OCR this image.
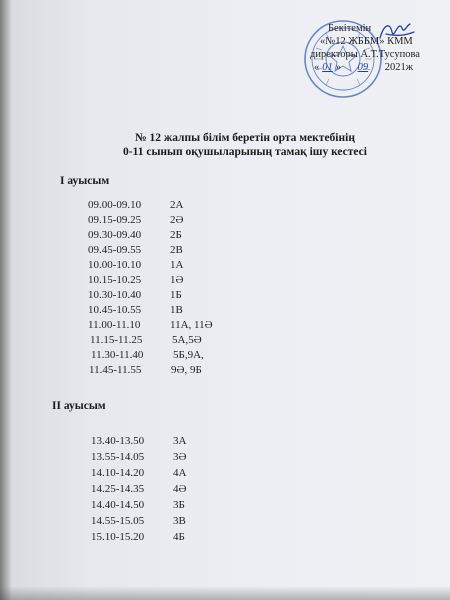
Бекітемін
«№12 ЖББМ» КММ
директоры А.Т.Тусупова
« 01 » 09 2021ж
№ 12 жалпы білім беретін орта мектебінің
0-11 сынып оқушыларының тамақ ішу кестесі
І ауысым
09.00-09.10	2А
09.15-09.25	2Ә
09.30-09.40	2Б
09.45-09.55	2В
10.00-10.10	1А
10.15-10.25	1Ә
10.30-10.40	1Б
10.45-10.55	1В
11.00-11.10	11А, 11Ә
11.15-11.25	5А,5Ә
11.30-11.40	5Б,9А,
11.45-11.55	9Ә, 9Б
ІІ ауысым
13.40-13.50	3А
13.55-14.05	3Ә
14.10-14.20	4А
14.25-14.35	4Ә
14.40-14.50	3Б
14.55-15.05	3В
15.10-15.20	4Б
